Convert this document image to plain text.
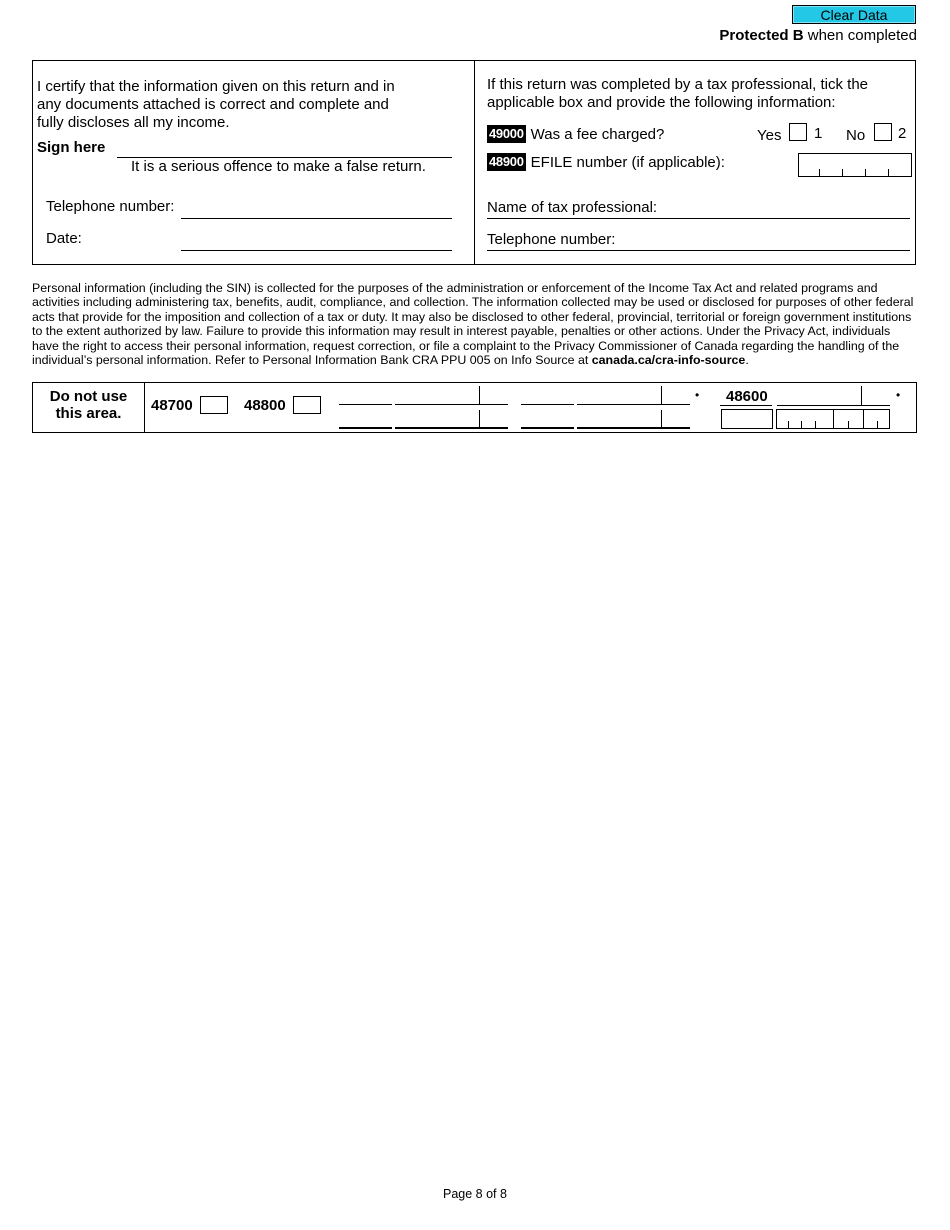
Clear Data
Protected B when completed
I certify that the information given on this return and in
any documents attached is correct and complete and
fully discloses all my income.
Sign here
It is a serious offence to make a false return.
Telephone number:
Date:
If this return was completed by a tax professional, tick the
applicable box and provide the following information:
49000 Was a fee charged?	Yes 1 No 2
48900 EFILE number (if applicable):
Name of tax professional:
Telephone number:
Personal information (including the SIN) is collected for the purposes of the administration or enforcement of the Income Tax Act and related programs and activities including administering tax, benefits, audit, compliance, and collection. The information collected may be used or disclosed for purposes of other federal acts that provide for the imposition and collection of a tax or duty. It may also be disclosed to other federal, provincial, territorial or foreign government institutions to the extent authorized by law. Failure to provide this information may result in interest payable, penalties or other actions. Under the Privacy Act, individuals have the right to access their personal information, request correction, or file a complaint to the Privacy Commissioner of Canada regarding the handling of the individual’s personal information. Refer to Personal Information Bank CRA PPU 005 on Info Source at canada.ca/cra-info-source.
Do not use
this area.	48700	48800
• 48600	•
Page 8 of 8
